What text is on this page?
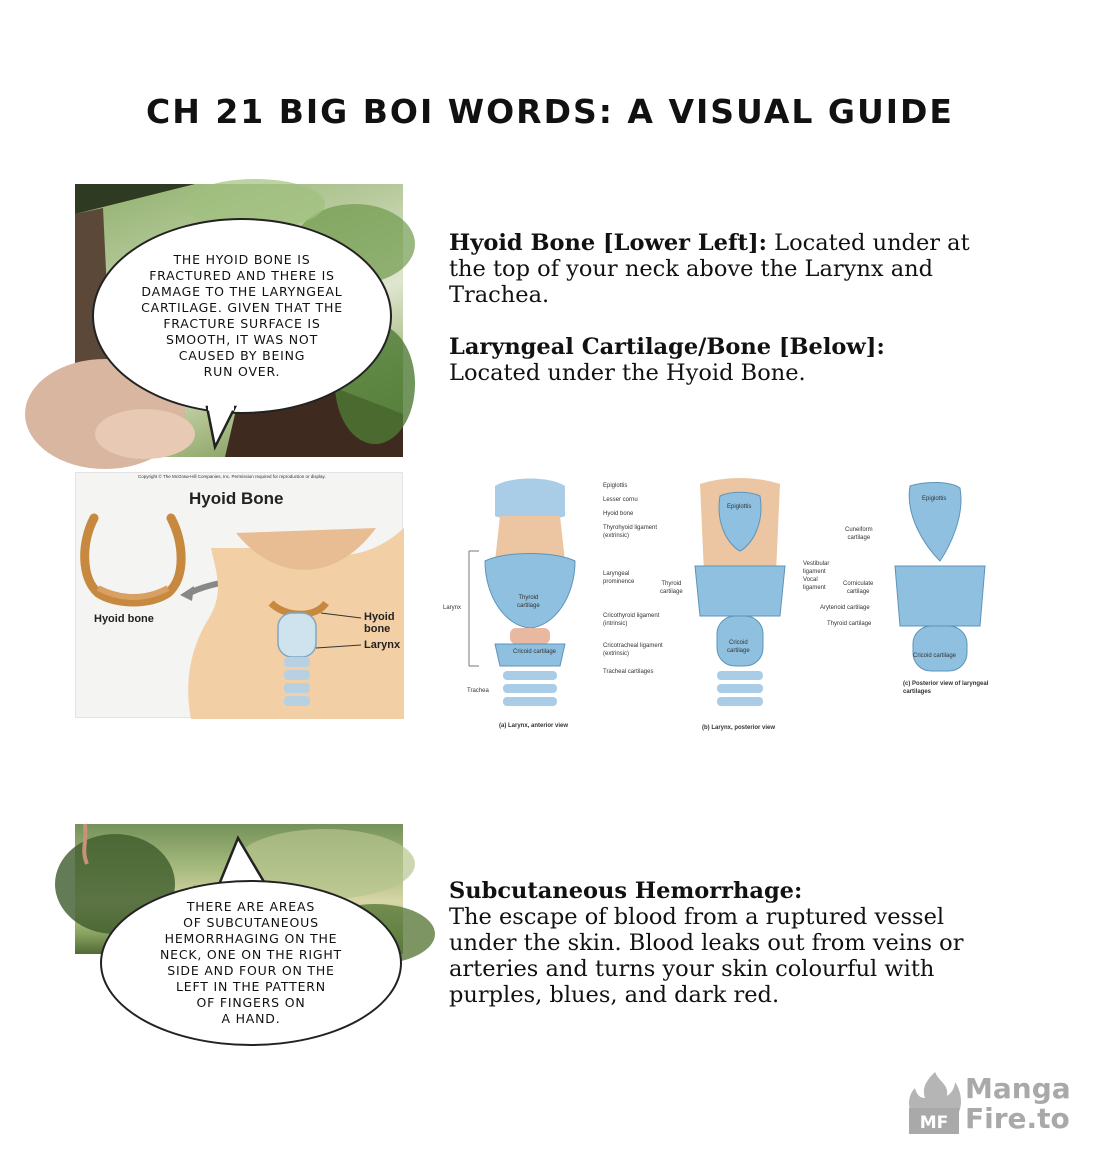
CH 21 BIG BOI WORDS: A VISUAL GUIDE
THE HYOID BONE IS
FRACTURED AND THERE IS
DAMAGE TO THE LARYNGEAL
CARTILAGE. GIVEN THAT THE
FRACTURE SURFACE IS
SMOOTH, IT WAS NOT
CAUSED BY BEING
RUN OVER.
Hyoid Bone [Lower Left]: Located under at the top of your neck above the Larynx and Trachea.
Laryngeal Cartilage/Bone [Below]:
Located under the Hyoid Bone.
Copyright © The McGraw-Hill Companies, Inc. Permission required for reproduction or display.
Hyoid Bone
Hyoid bone	Hyoid
bone
Larynx
Epiglottis
Lesser cornu
Hyoid bone
Thyrohyoid ligament
(extrinsic)
Laryngeal
prominence
Cricothyroid ligament
(intrinsic)
Cricotracheal ligament
(extrinsic)
Tracheal cartilages
Thyroid
cartilage
Cricoid cartilage
Larynx
Trachea
(a) Larynx, anterior view
Thyroid
cartilage
Vestibular
ligament
Vocal
ligament
Epiglottis
Cricoid
cartilage
(b) Larynx, posterior view
Cuneiform
cartilage
Corniculate
cartilage
Arytenoid cartilage
Thyroid cartilage
Epiglottis
Cricoid cartilage
(c) Posterior view of laryngeal cartilages
THERE ARE AREAS
OF SUBCUTANEOUS
HEMORRHAGING ON THE
NECK, ONE ON THE RIGHT
SIDE AND FOUR ON THE
LEFT IN THE PATTERN
OF FINGERS ON
A HAND.
Subcutaneous Hemorrhage:
The escape of blood from a ruptured vessel under the skin. Blood leaks out from veins or arteries and turns your skin colourful with purples, blues, and dark red.
MF
Manga
Fire.to
